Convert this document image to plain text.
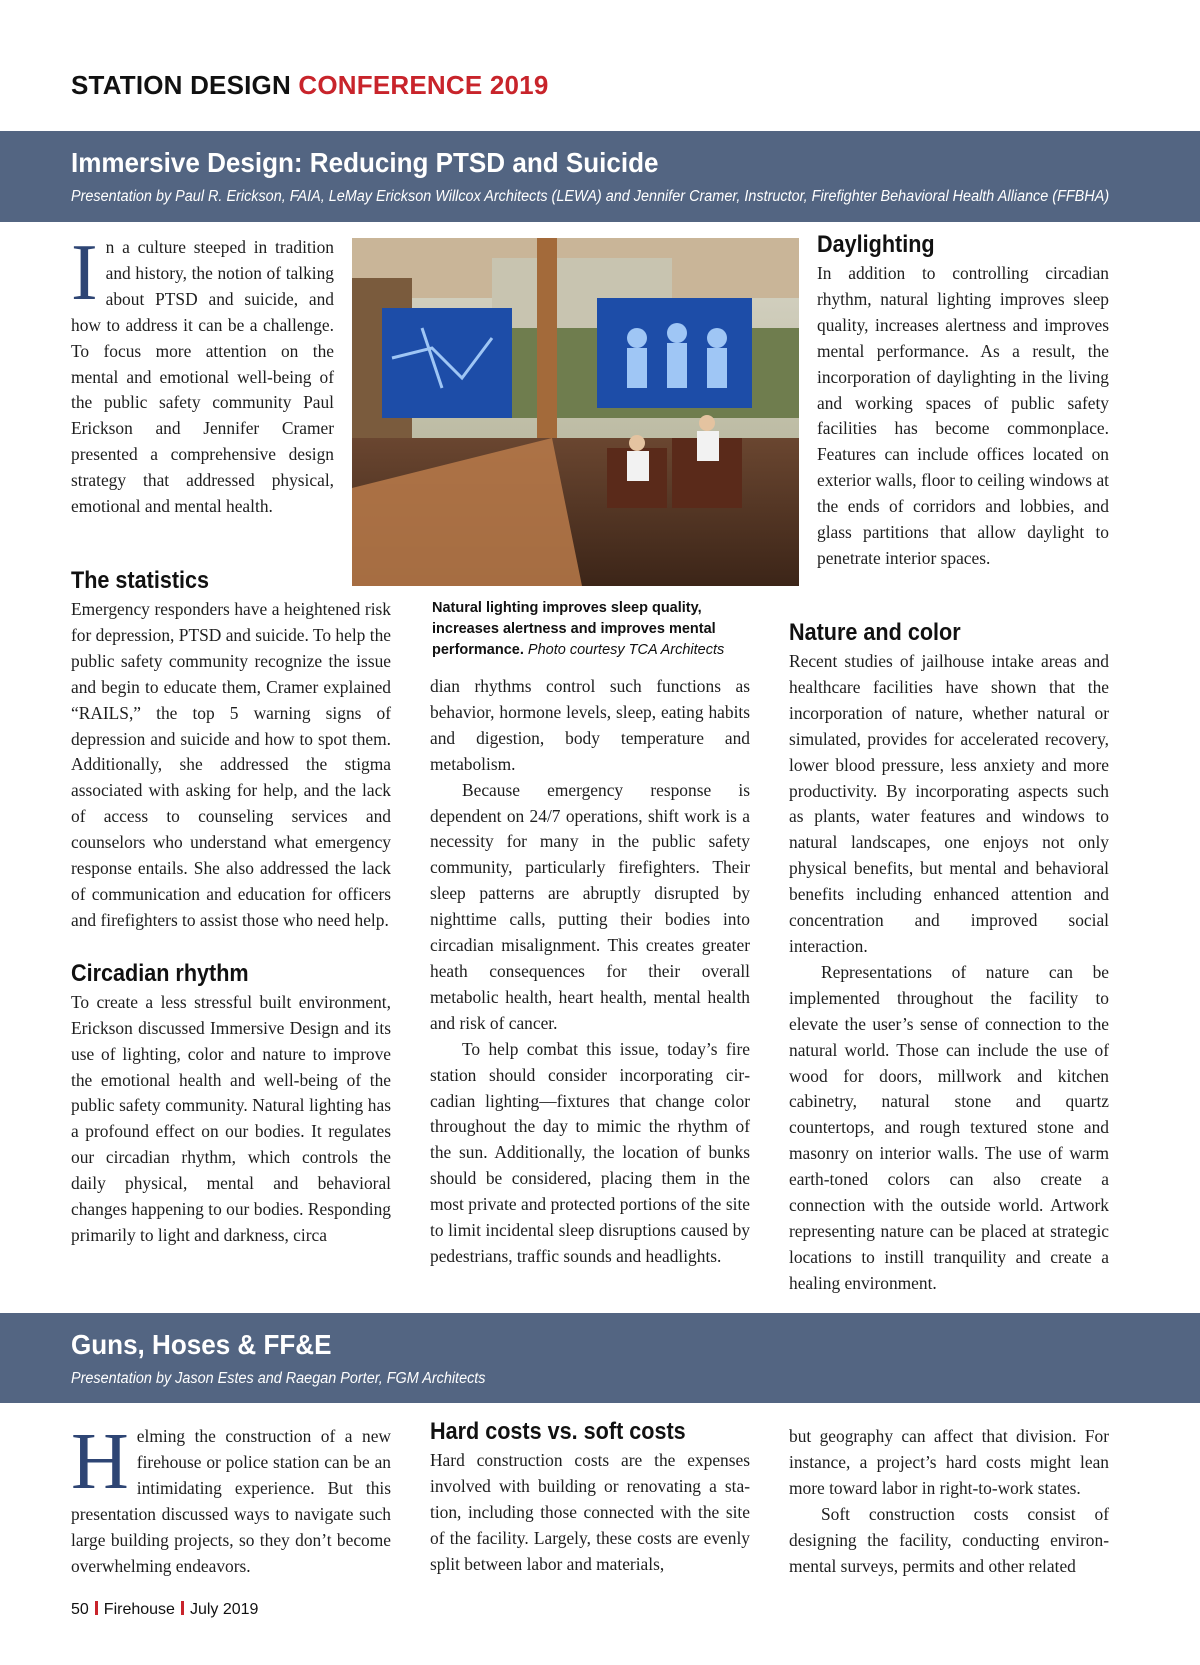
STATION DESIGN CONFERENCE 2019
Immersive Design: Reducing PTSD and Suicide
Presentation by Paul R. Erickson, FAIA, LeMay Erickson Willcox Architects (LEWA) and Jennifer Cramer, Instructor, Firefighter Behavioral Health Alliance (FFBHA)

In a culture steeped in tradition and history, the notion of talking about PTSD and suicide, and how to address it can be a challenge. To focus more attention on the mental and emotional well-being of the public safety community Paul Erickson and Jennifer Cramer presented a comprehensive design strategy that addressed physical, emotional and mental health.

The statistics

Emergency responders have a heightened risk for depression, PTSD and suicide. To help the public safety community recognize the issue and begin to educate them, Cramer explained “RAILS,” the top 5 warning signs of depression and suicide and how to spot them. Additionally, she addressed the stigma associated with asking for help, and the lack of access to counseling services and counselors who understand what emergency response entails. She also addressed the lack of communication and education for officers and firefighters to assist those who need help.

Circadian rhythm

To create a less stressful built environment, Erickson discussed Immersive Design and its use of lighting, color and nature to improve the emotional health and well-being of the public safety community. Natural lighting has a profound effect on our bodies. It regulates our circadian rhythm, which controls the daily physical, mental and behavioral changes happening to our bodies. Responding primarily to light and darkness, circa

Natural lighting improves sleep quality, increases alertness and improves mental performance. Photo courtesy TCA Architects

dian rhythms control such functions as behavior, hormone levels, sleep, eating habits and digestion, body temperature and metabolism.

Because emergency response is dependent on 24/7 operations, shift work is a necessity for many in the public safety community, particularly firefighters. Their sleep patterns are abruptly disrupted by nighttime calls, putting their bodies into circadian misalignment. This creates greater heath consequences for their overall metabolic health, heart health, mental health and risk of cancer.

To help combat this issue, today’s fire station should consider incorporating circadian lighting—fixtures that change color throughout the day to mimic the rhythm of the sun. Additionally, the location of bunks should be considered, placing them in the most private and protected portions of the site to limit incidental sleep disruptions caused by pedestrians, traffic sounds and headlights.

Daylighting

In addition to controlling circadian rhythm, natural lighting improves sleep quality, increases alertness and improves mental performance. As a result, the incorporation of daylighting in the living and working spaces of public safety facilities has become commonplace. Features can include offices located on exterior walls, floor to ceiling windows at the ends of corridors and lobbies, and glass partitions that allow daylight to penetrate interior spaces.

Nature and color

Recent studies of jailhouse intake areas and healthcare facilities have shown that the incorporation of nature, whether natural or simulated, provides for accelerated recovery, lower blood pressure, less anxiety and more productivity. By incorporating aspects such as plants, water features and windows to natural landscapes, one enjoys not only physical benefits, but mental and behavioral benefits including enhanced attention and concentration and improved social interaction.

Representations of nature can be implemented throughout the facility to elevate the user’s sense of connection to the natural world. Those can include the use of wood for doors, millwork and kitchen cabinetry, natural stone and quartz countertops, and rough textured stone and masonry on interior walls. The use of warm earth-toned colors can also create a connection with the outside world. Artwork representing nature can be placed at strategic locations to instill tranquility and create a healing environment.

Guns, Hoses & FF&E
Presentation by Jason Estes and Raegan Porter, FGM Architects

Helming the construction of a new firehouse or police station can be an intimidating experience. But this presentation discussed ways to navigate such large building projects, so they don’t become overwhelming endeavors.

Hard costs vs. soft costs

Hard construction costs are the expenses involved with building or renovating a station, including those connected with the site of the facility. Largely, these costs are evenly split between labor and materials,

but geography can affect that division. For instance, a project’s hard costs might lean more toward labor in right-to-work states.

Soft construction costs consist of designing the facility, conducting environmental surveys, permits and other related

50 Firehouse July 2019
